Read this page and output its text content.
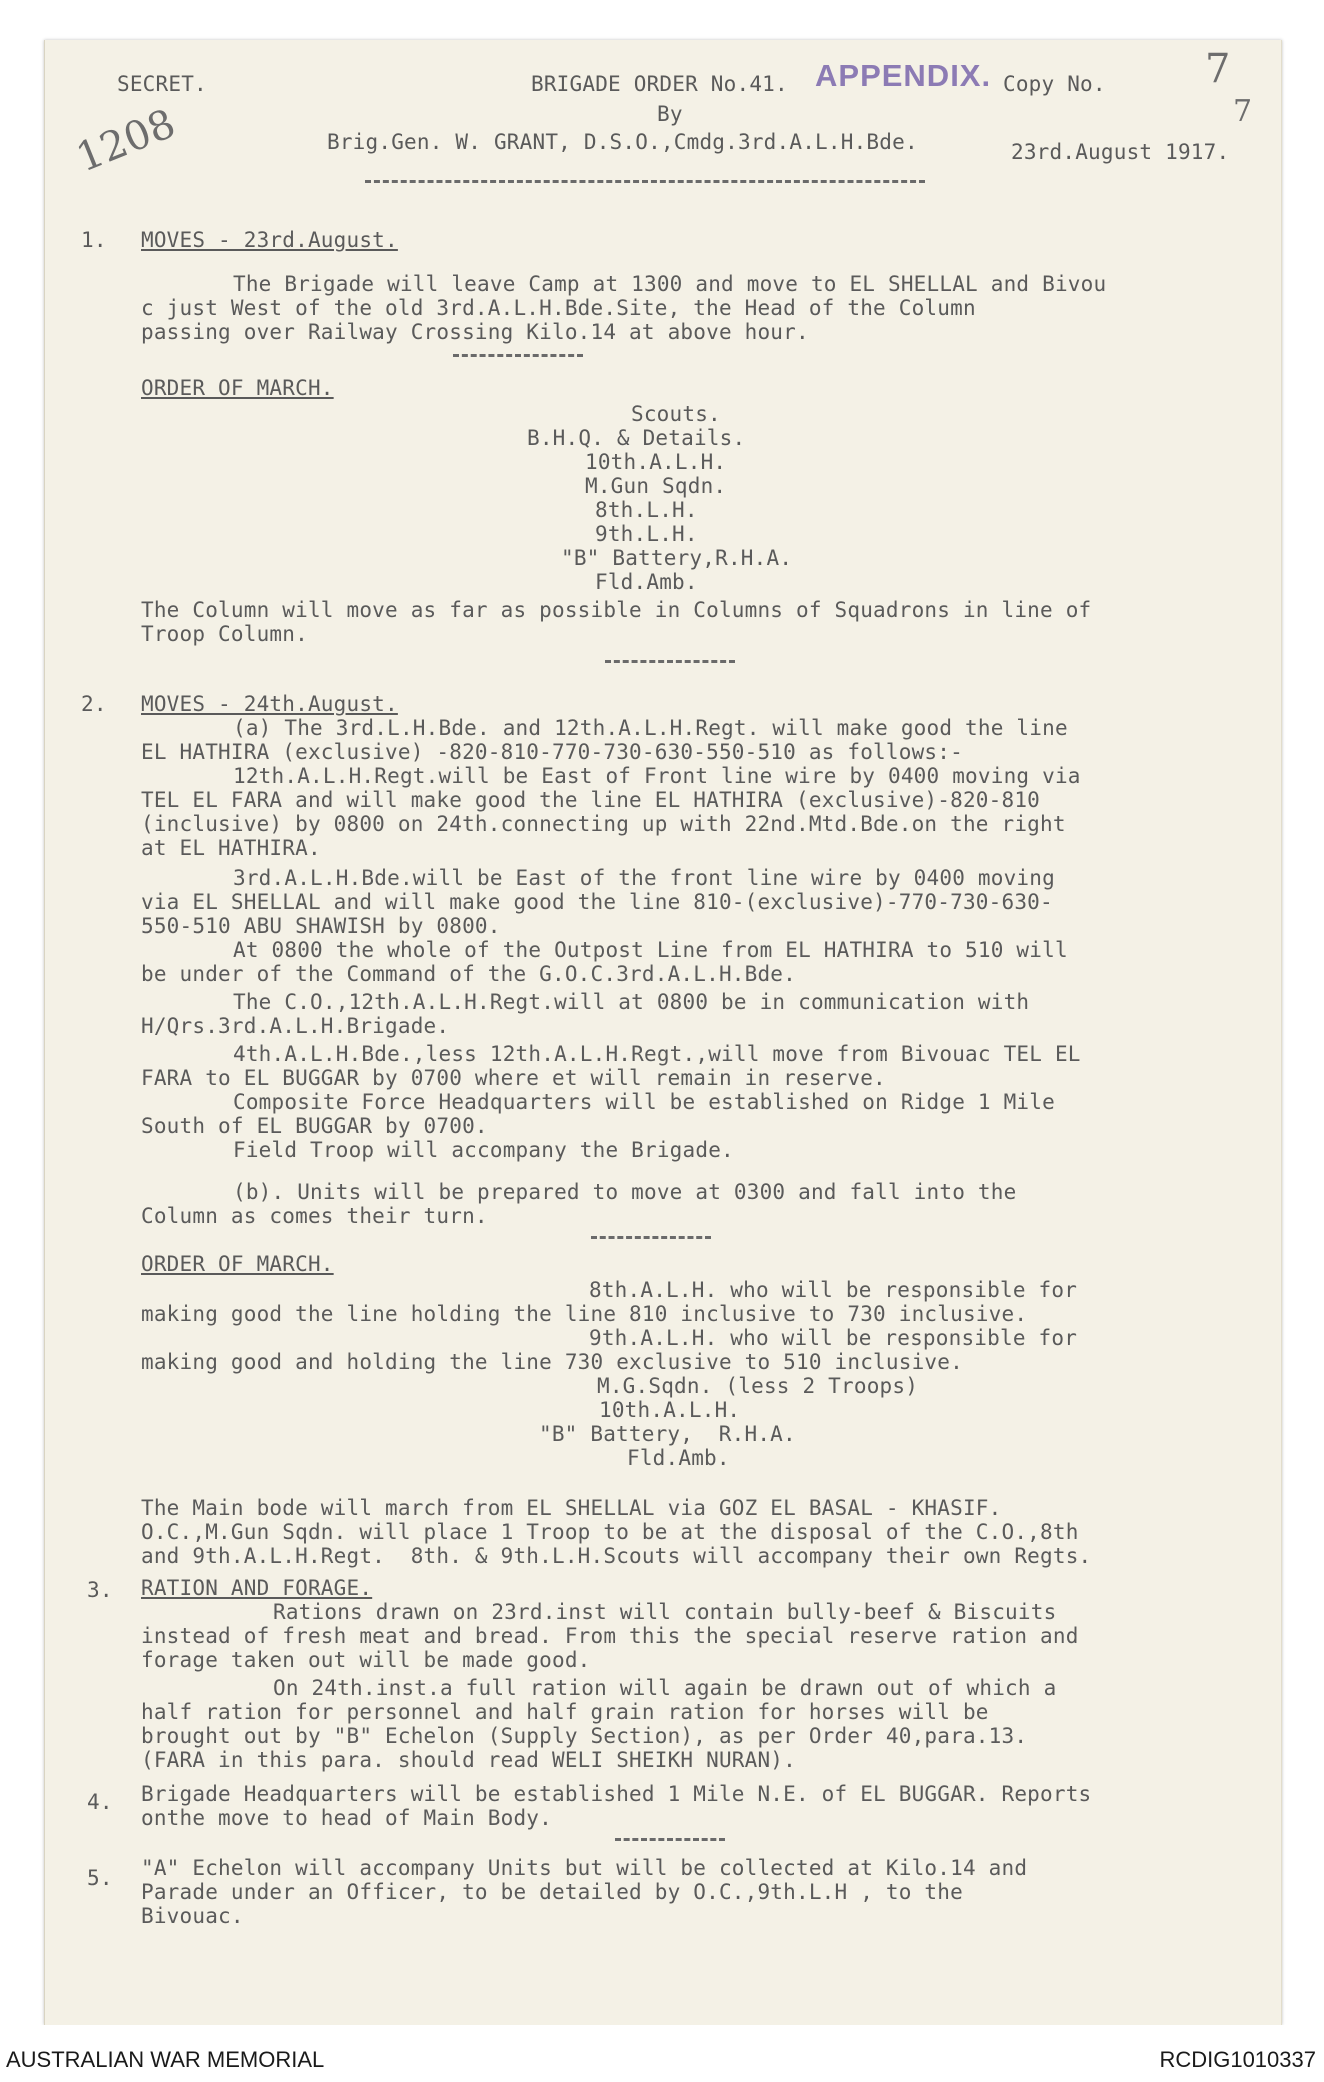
SECRET.	BRIGADE ORDER No.41. APPENDIX. Copy No. 7
7
By
1208	Brig.Gen. W. GRANT, D.S.O.,Cmdg.3rd.A.L.H.Bde.	23rd.August 1917.
1. MOVES - 23rd.August.
The Brigade will leave Camp at 1300 and move to EL SHELLAL and Bivou
c just West of the old 3rd.A.L.H.Bde.Site, the Head of the Column
passing over Railway Crossing Kilo.14 at above hour.
ORDER OF MARCH.
Scouts.
B.H.Q. & Details.
10th.A.L.H.
M.Gun Sqdn.
8th.L.H.
9th.L.H.
"B" Battery,R.H.A.
Fld.Amb.
The Column will move as far as possible in Columns of Squadrons in line of
Troop Column.
2. MOVES - 24th.August.
(a) The 3rd.L.H.Bde. and 12th.A.L.H.Regt. will make good the line
EL HATHIRA (exclusive) -820-810-770-730-630-550-510 as follows:-
12th.A.L.H.Regt.will be East of Front line wire by 0400 moving via
TEL EL FARA and will make good the line EL HATHIRA (exclusive)-820-810
(inclusive) by 0800 on 24th.connecting up with 22nd.Mtd.Bde.on the right
at EL HATHIRA.
3rd.A.L.H.Bde.will be East of the front line wire by 0400 moving
via EL SHELLAL and will make good the line 810-(exclusive)-770-730-630-
550-510 ABU SHAWISH by 0800.
At 0800 the whole of the Outpost Line from EL HATHIRA to 510 will
be under of the Command of the G.O.C.3rd.A.L.H.Bde.
The C.O.,12th.A.L.H.Regt.will at 0800 be in communication with
H/Qrs.3rd.A.L.H.Brigade.
4th.A.L.H.Bde.,less 12th.A.L.H.Regt.,will move from Bivouac TEL EL
FARA to EL BUGGAR by 0700 where et will remain in reserve.
Composite Force Headquarters will be established on Ridge 1 Mile
South of EL BUGGAR by 0700.
Field Troop will accompany the Brigade.
(b). Units will be prepared to move at 0300 and fall into the
Column as comes their turn.
ORDER OF MARCH.
8th.A.L.H. who will be responsible for
making good the line holding the line 810 inclusive to 730 inclusive.
9th.A.L.H. who will be responsible for
making good and holding the line 730 exclusive to 510 inclusive.
M.G.Sqdn. (less 2 Troops)
10th.A.L.H.
"B" Battery,  R.H.A.
Fld.Amb.
The Main bode will march from EL SHELLAL via GOZ EL BASAL - KHASIF.
O.C.,M.Gun Sqdn. will place 1 Troop to be at the disposal of the C.O.,8th
and 9th.A.L.H.Regt.  8th. & 9th.L.H.Scouts will accompany their own Regts.
3. RATION AND FORAGE.
Rations drawn on 23rd.inst will contain bully-beef & Biscuits
instead of fresh meat and bread. From this the special reserve ration and
forage taken out will be made good.
On 24th.inst.a full ration will again be drawn out of which a
half ration for personnel and half grain ration for horses will be
brought out by "B" Echelon (Supply Section), as per Order 40,para.13.
(FARA in this para. should read WELI SHEIKH NURAN).
4. Brigade Headquarters will be established 1 Mile N.E. of EL BUGGAR. Reports
onthe move to head of Main Body.
5. "A" Echelon will accompany Units but will be collected at Kilo.14 and
Parade under an Officer, to be detailed by O.C.,9th.L.H , to the
Bivouac.
AUSTRALIAN WAR MEMORIAL	RCDIG1010337
